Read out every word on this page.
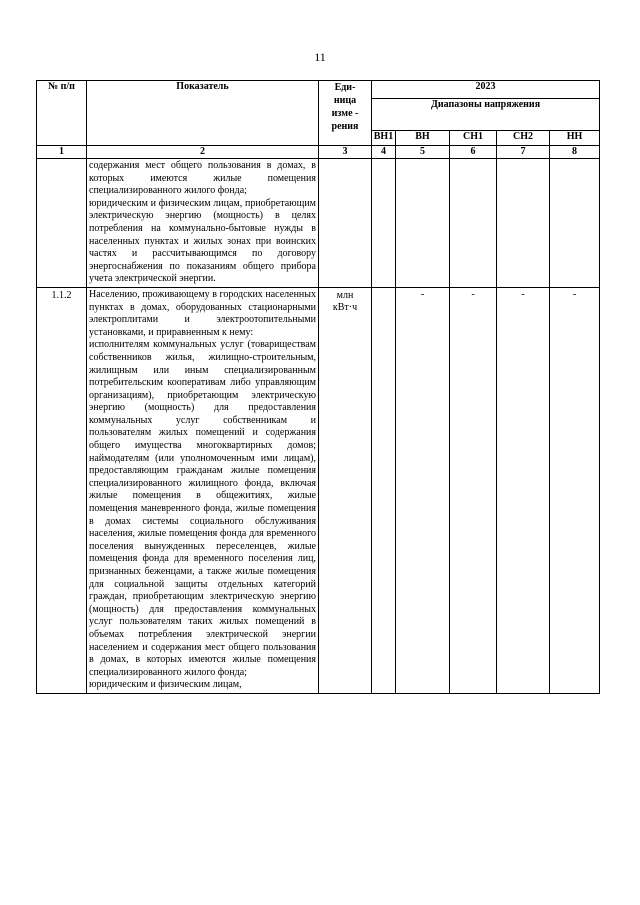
11
№ п/п	Показатель	Еди-
ница
изме -
рения	2023				
			Диапазоны напряжения				
			ВН1	ВН	СН1	СН2	НН
1	2	3	4	5	6	7	8
	содержания мест общего пользования в домах, в которых имеются жилые помещения специализированного жилого фонда;
юридическим и физическим лицам, приобретающим электрическую энергию (мощность) в целях потребления на коммунально-бытовые нужды в населенных пунктах и жилых зонах при воинских частях и рассчитывающимся по договору энергоснабжения по показаниям общего прибора учета электрической энергии.						
1.1.2	Населению, проживающему в городских населенных пунктах в домах, оборудованных стационарными электроплитами и электроотопительными установками, и приравненным к нему:
исполнителям коммунальных услуг (товариществам собственников жилья, жилищно-строительным, жилищным или иным специализированным потребительским кооперативам либо управляющим организациям), приобретающим электрическую энергию (мощность) для предоставления коммунальных услуг собственникам и пользователям жилых помещений и содержания общего имущества многоквартирных домов; наймодателям (или уполномоченным ими лицам), предоставляющим гражданам жилые помещения специализированного жилищного фонда, включая жилые помещения в общежитиях, жилые помещения маневренного фонда, жилые помещения в домах системы социального обслуживания населения, жилые помещения фонда для временного поселения вынужденных переселенцев, жилые помещения фонда для временного поселения лиц, признанных беженцами, а также жилые помещения для социальной защиты отдельных категорий граждан, приобретающим электрическую энергию (мощность) для предоставления коммунальных услуг пользователям таких жилых помещений в объемах потребления электрической энергии населением и содержания мест общего пользования в домах, в которых имеются жилые помещения специализированного жилого фонда;
юридическим и физическим лицам,	млн
кВт·ч		-	-	-	-
